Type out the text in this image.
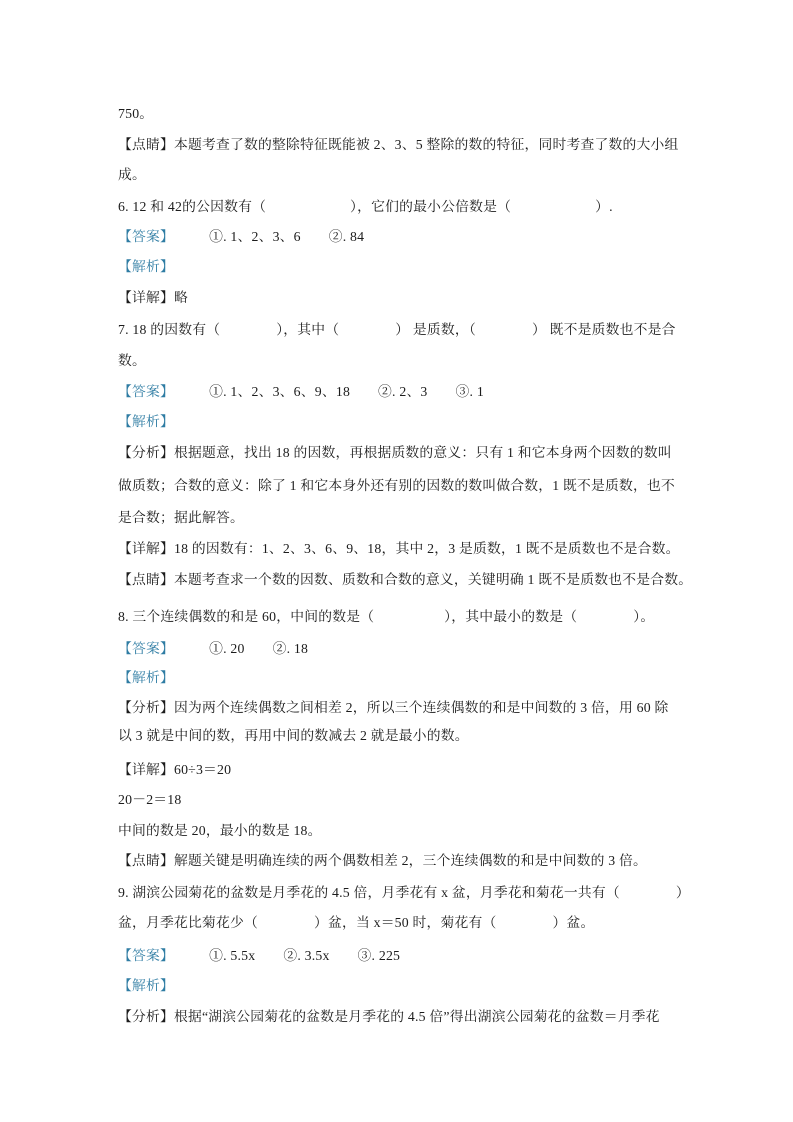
750。
【点睛】本题考查了数的整除特征既能被 2、3、5 整除的数的特征，同时考查了数的大小组
成。
6. 12 和 42的公因数有（　　　　　　），它们的最小公倍数是（　　　　　　）.
【答案】　　　①. 1、2、3、6　　②. 84
【解析】
【详解】略
7. 18 的因数有（　　　　），其中（　　　　） 是质数，（　　　　） 既不是质数也不是合
数。
【答案】　　　①. 1、2、3、6、9、18　　②. 2、3　　③. 1
【解析】
【分析】根据题意，找出 18 的因数，再根据质数的意义：只有 1 和它本身两个因数的数叫
做质数；合数的意义：除了 1 和它本身外还有别的因数的数叫做合数，1 既不是质数，也不
是合数；据此解答。
【详解】18 的因数有：1、2、3、6、9、18，其中 2，3 是质数，1 既不是质数也不是合数。
【点睛】本题考查求一个数的因数、质数和合数的意义，关键明确 1 既不是质数也不是合数。
8. 三个连续偶数的和是 60，中间的数是（　　　　　），其中最小的数是（　　　　）。
【答案】　　　①. 20　　②. 18
【解析】
【分析】因为两个连续偶数之间相差 2，所以三个连续偶数的和是中间数的 3 倍，用 60 除
以 3 就是中间的数，再用中间的数减去 2 就是最小的数。
【详解】60÷3＝20
20－2＝18
中间的数是 20，最小的数是 18。
【点睛】解题关键是明确连续的两个偶数相差 2，三个连续偶数的和是中间数的 3 倍。
9. 湖滨公园菊花的盆数是月季花的 4.5 倍，月季花有 x 盆，月季花和菊花一共有（　　　　）
盆，月季花比菊花少（　　　　）盆，当 x＝50 时，菊花有（　　　　）盆。
【答案】　　　①. 5.5x　　②. 3.5x　　③. 225
【解析】
【分析】根据“湖滨公园菊花的盆数是月季花的 4.5 倍”得出湖滨公园菊花的盆数＝月季花
